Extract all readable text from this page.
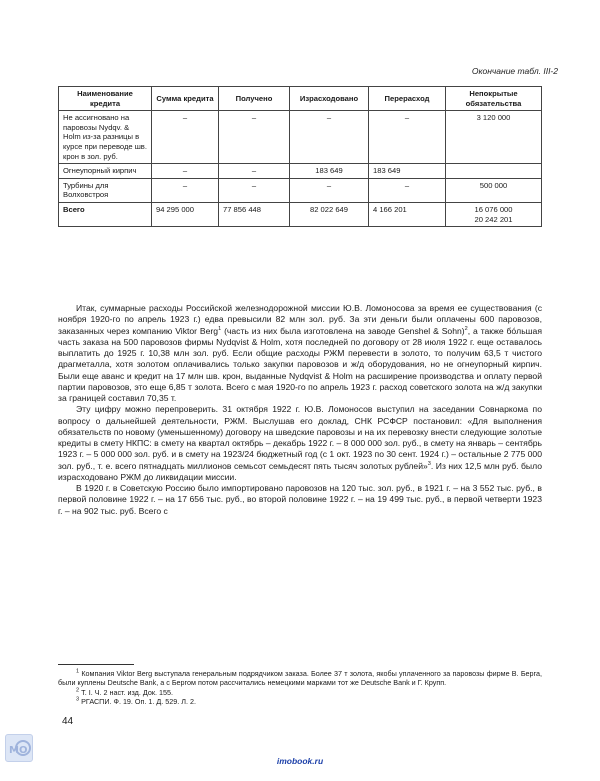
Окончание табл. III-2
Наименование кредита	Сумма кредита	Получено	Израсходовано	Перерасход	Непокрытые обязательства
Не ассигновано на паровозы Nydqv. & Holm из-за разницы в курсе при переводе шв. крон в зол. руб.	–	–	–	–	3 120 000
Огнеупорный кирпич	–	–	183 649	183 649	
Турбины для Волховстроя	–	–	–	–	500 000
Всего	94 295 000	77 856 448	82 022 649	4 166 201	16 076 000
20 242 201

Итак, суммарные расходы Российской железнодорожной миссии Ю.В. Ломоносова за время ее существования (с ноября 1920-го по апрель 1923 г.) едва превысили 82 млн зол. руб. За эти деньги были оплачены 600 паровозов, заказанных через компанию Viktor Berg$^1$ (часть из них была изготовлена на заводе Genshel & Sohn)$^2$, а также бо́льшая часть заказа на 500 паровозов фирмы Nydqvist & Holm, хотя последней по договору от 28 июля 1922 г. еще оставалось выплатить до 1925 г. 10,38 млн зол. руб. Если общие расходы РЖМ перевести в золото, то получим 63,5 т чистого драгметалла, хотя золотом оплачивались только закупки паровозов и ж/д оборудования, но не огнеупорный кирпич. Были еще аванс и кредит на 17 млн шв. крон, выданные Nydqvist & Holm на расширение производства и оплату первой партии паровозов, это еще 6,85 т золота. Всего с мая 1920-го по апрель 1923 г. расход советского золота на ж/д закупки за границей составил 70,35 т.

Эту цифру можно перепроверить. 31 октября 1922 г. Ю.В. Ломоносов выступил на заседании Совнаркома по вопросу о дальнейшей деятельности, РЖМ. Выслушав его доклад, СНК РСФСР постановил: «Для выполнения обязательств по новому (уменьшенному) договору на шведские паровозы и на их перевозку внести следующие золотые кредиты в смету НКПС: в смету на квартал октябрь – декабрь 1922 г. – 8 000 000 зол. руб., в смету на январь – сентябрь 1923 г. – 5 000 000 зол. руб. и в смету на 1923/24 бюджетный год (с 1 окт. 1923 по 30 сент. 1924 г.) – остальные 2 775 000 зол. руб., т. е. всего пятнадцать миллионов семьсот семьдесят пять тысяч золотых рублей»$^3$. Из них 12,5 млн руб. было израсходовано РЖМ до ликвидации миссии.

В 1920 г. в Советскую Россию было импортировано паровозов на 120 тыс. зол. руб., в 1921 г. – на 3 552 тыс. руб., в первой половине 1922 г. – на 17 656 тыс. руб., во второй половине 1922 г. – на 19 499 тыс. руб., в первой четверти 1923 г. – на 902 тыс. руб. Всего с

$^1$ Компания Viktor Berg выступала генеральным подрядчиком заказа. Более 37 т золота, якобы уплаченного за паровозы фирме В. Берга, были куплены Deutsche Bank, а с Бергом потом рассчитались немецкими марками тот же Deutsche Bank и Г. Крупп.

$^2$ Т. I. Ч. 2 наст. изд. Док. 155.

$^3$ РГАСПИ. Ф. 19. Оп. 1. Д. 529. Л. 2.

44
МО
imobook.ru
